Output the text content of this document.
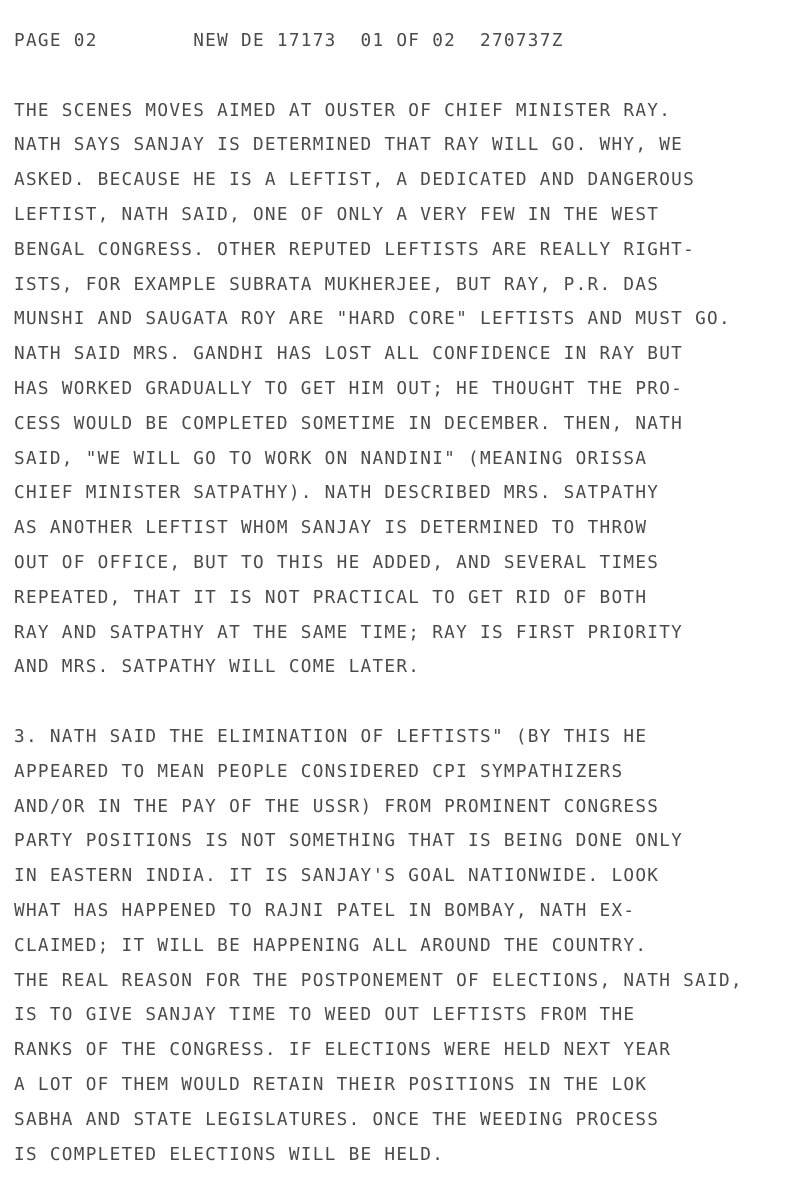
PAGE 02        NEW DE 17173  01 OF 02  270737Z
THE SCENES MOVES AIMED AT OUSTER OF CHIEF MINISTER RAY.
NATH SAYS SANJAY IS DETERMINED THAT RAY WILL GO. WHY, WE
ASKED. BECAUSE HE IS A LEFTIST, A DEDICATED AND DANGEROUS
LEFTIST, NATH SAID, ONE OF ONLY A VERY FEW IN THE WEST
BENGAL CONGRESS. OTHER REPUTED LEFTISTS ARE REALLY RIGHT-
ISTS, FOR EXAMPLE SUBRATA MUKHERJEE, BUT RAY, P.R. DAS
MUNSHI AND SAUGATA ROY ARE "HARD CORE" LEFTISTS AND MUST GO.
NATH SAID MRS. GANDHI HAS LOST ALL CONFIDENCE IN RAY BUT
HAS WORKED GRADUALLY TO GET HIM OUT; HE THOUGHT THE PRO-
CESS WOULD BE COMPLETED SOMETIME IN DECEMBER. THEN, NATH
SAID, "WE WILL GO TO WORK ON NANDINI" (MEANING ORISSA
CHIEF MINISTER SATPATHY). NATH DESCRIBED MRS. SATPATHY
AS ANOTHER LEFTIST WHOM SANJAY IS DETERMINED TO THROW
OUT OF OFFICE, BUT TO THIS HE ADDED, AND SEVERAL TIMES
REPEATED, THAT IT IS NOT PRACTICAL TO GET RID OF BOTH
RAY AND SATPATHY AT THE SAME TIME; RAY IS FIRST PRIORITY
AND MRS. SATPATHY WILL COME LATER.
3. NATH SAID THE ELIMINATION OF LEFTISTS" (BY THIS HE
APPEARED TO MEAN PEOPLE CONSIDERED CPI SYMPATHIZERS
AND/OR IN THE PAY OF THE USSR) FROM PROMINENT CONGRESS
PARTY POSITIONS IS NOT SOMETHING THAT IS BEING DONE ONLY
IN EASTERN INDIA. IT IS SANJAY'S GOAL NATIONWIDE. LOOK
WHAT HAS HAPPENED TO RAJNI PATEL IN BOMBAY, NATH EX-
CLAIMED; IT WILL BE HAPPENING ALL AROUND THE COUNTRY.
THE REAL REASON FOR THE POSTPONEMENT OF ELECTIONS, NATH SAID,
IS TO GIVE SANJAY TIME TO WEED OUT LEFTISTS FROM THE
RANKS OF THE CONGRESS. IF ELECTIONS WERE HELD NEXT YEAR
A LOT OF THEM WOULD RETAIN THEIR POSITIONS IN THE LOK
SABHA AND STATE LEGISLATURES. ONCE THE WEEDING PROCESS
IS COMPLETED ELECTIONS WILL BE HELD.
